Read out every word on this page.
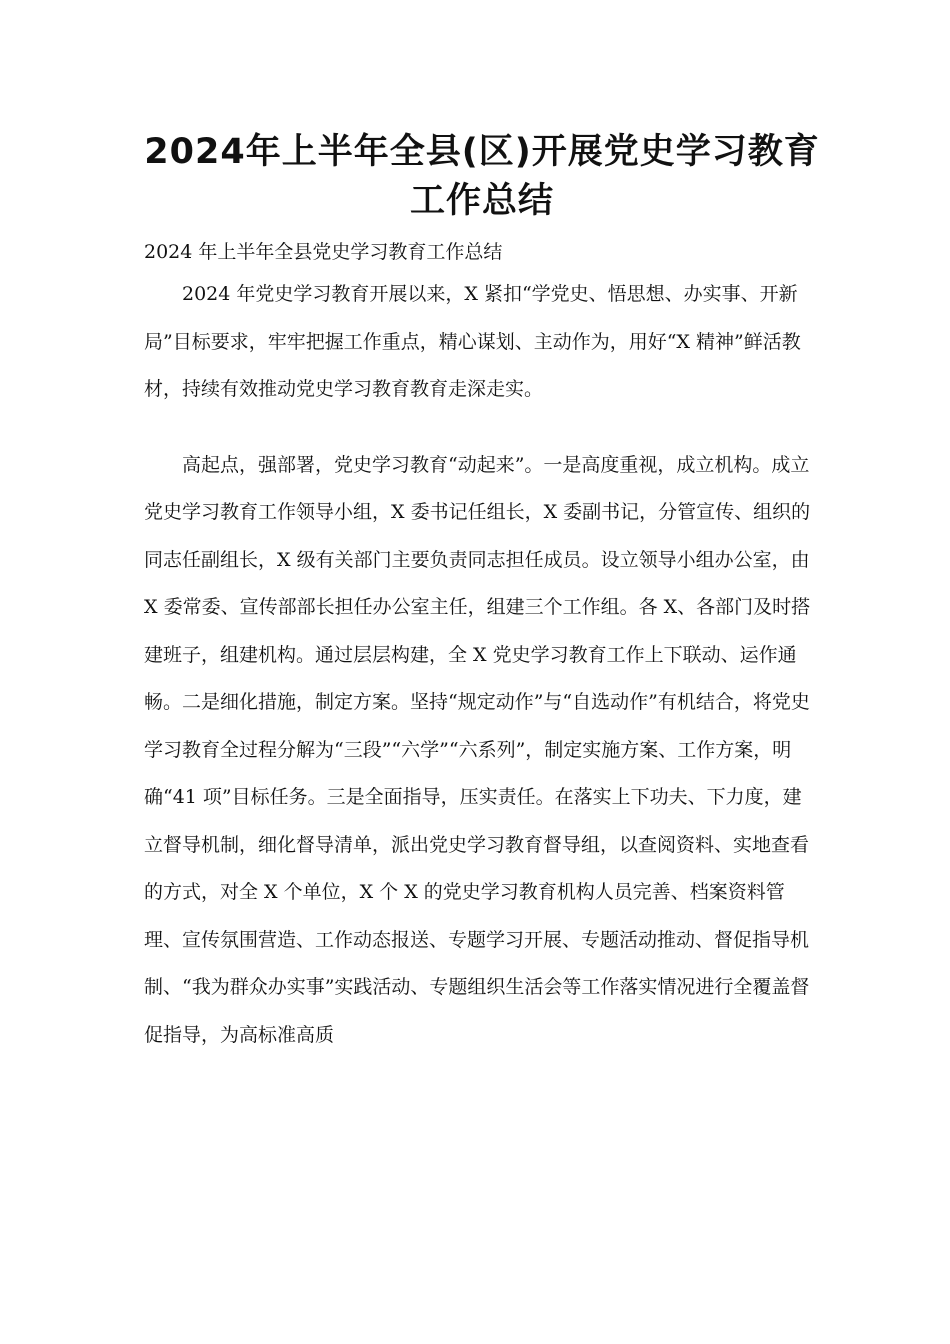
2024年上半年全县(区)开展党史学习教育工作总结
2024 年上半年全县党史学习教育工作总结

2024 年党史学习教育开展以来，X 紧扣“学党史、悟思想、办实事、开新局”目标要求，牢牢把握工作重点，精心谋划、主动作为，用好“X 精神”鲜活教材，持续有效推动党史学习教育教育走深走实。

高起点，强部署，党史学习教育“动起来”。一是高度重视，成立机构。成立党史学习教育工作领导小组，X 委书记任组长，X 委副书记，分管宣传、组织的同志任副组长，X 级有关部门主要负责同志担任成员。设立领导小组办公室，由 X 委常委、宣传部部长担任办公室主任，组建三个工作组。各 X、各部门及时搭建班子，组建机构。通过层层构建，全 X 党史学习教育工作上下联动、运作通畅。二是细化措施，制定方案。坚持“规定动作”与“自选动作”有机结合，将党史学习教育全过程分解为“三段”“六学”“六系列”，制定实施方案、工作方案，明确“41 项”目标任务。三是全面指导，压实责任。在落实上下功夫、下力度，建立督导机制，细化督导清单，派出党史学习教育督导组，以查阅资料、实地查看的方式，对全 X 个单位，X 个 X 的党史学习教育机构人员完善、档案资料管理、宣传氛围营造、工作动态报送、专题学习开展、专题活动推动、督促指导机制、“我为群众办实事”实践活动、专题组织生活会等工作落实情况进行全覆盖督促指导，为高标准高质
